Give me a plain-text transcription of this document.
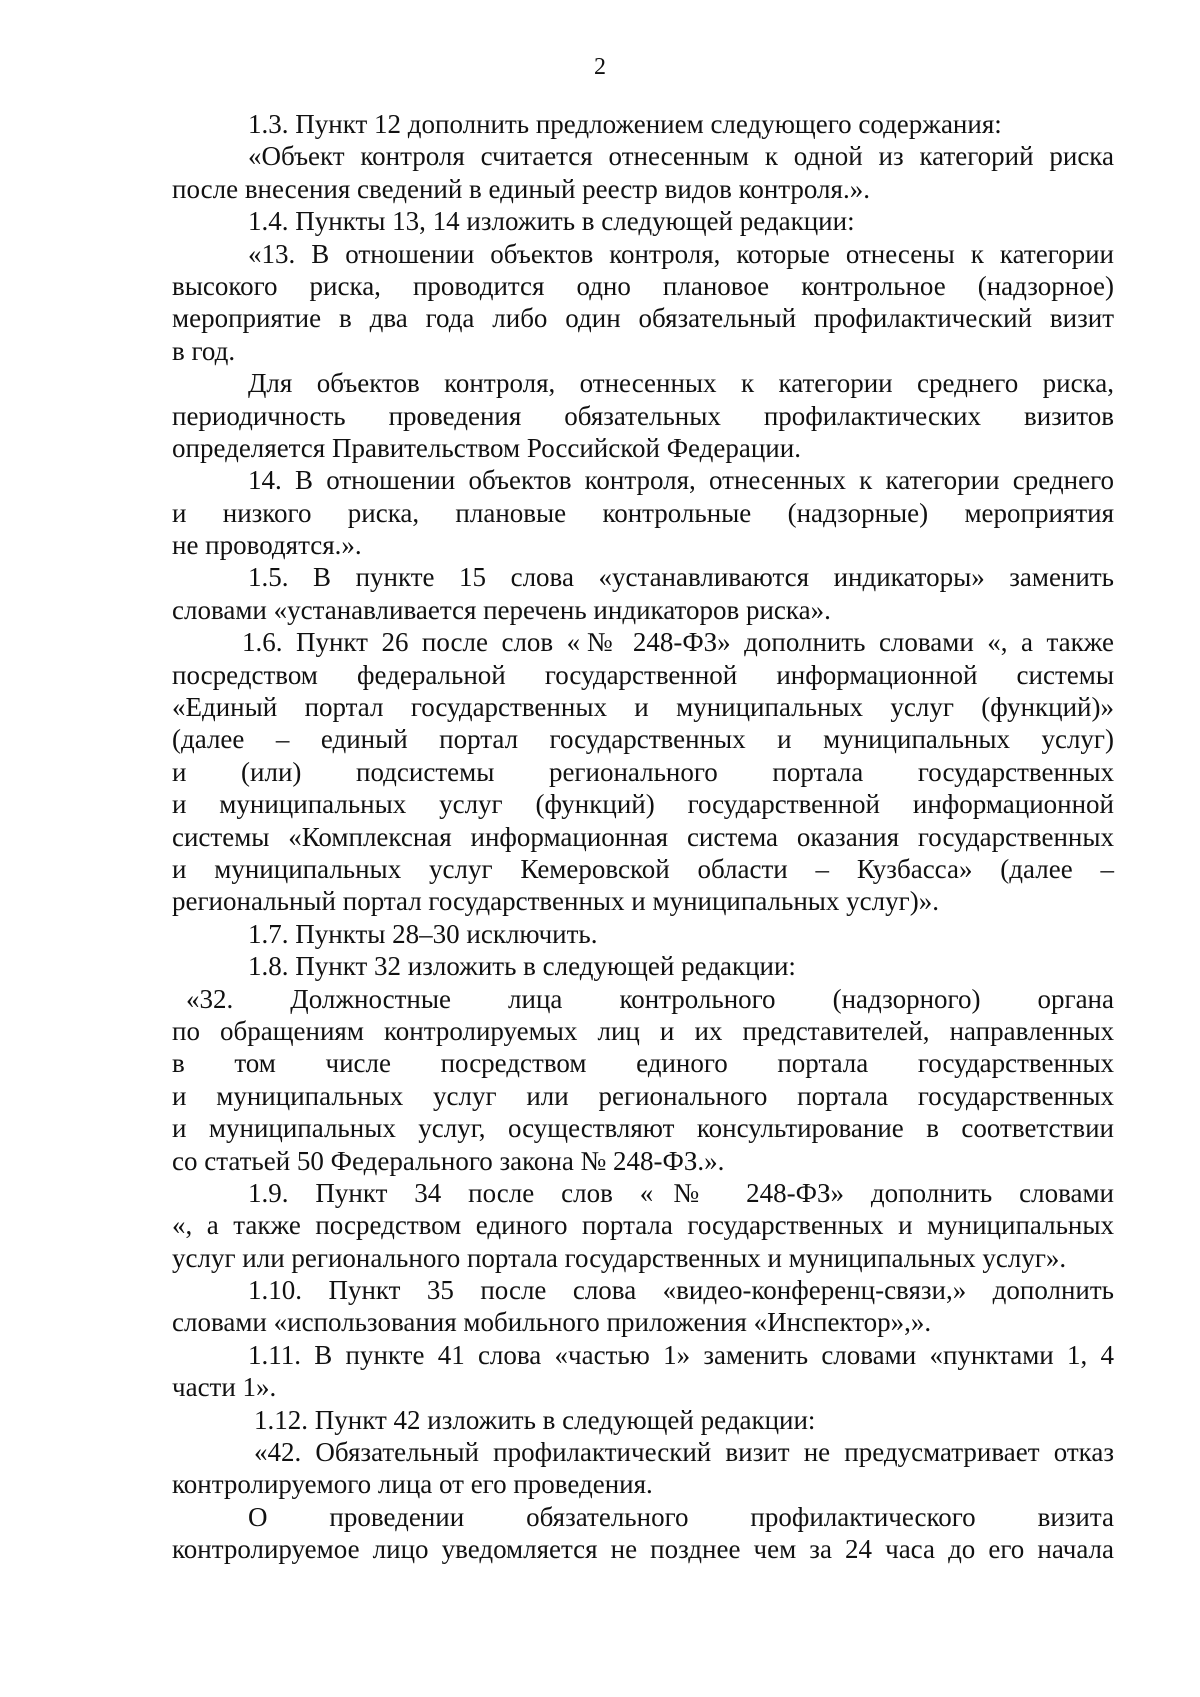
2
1.3. Пункт 12 дополнить предложением следующего содержания:
«Объект контроля считается отнесенным к одной из категорий риска
после внесения сведений в единый реестр видов контроля.».
1.4. Пункты 13, 14 изложить в следующей редакции:
«13. В отношении объектов контроля, которые отнесены к категории
высокого риска, проводится одно плановое контрольное (надзорное)
мероприятие в два года либо один обязательный профилактический визит
в год.
Для объектов контроля, отнесенных к категории среднего риска,
периодичность проведения обязательных профилактических визитов
определяется Правительством Российской Федерации.
14. В отношении объектов контроля, отнесенных к категории среднего
и низкого риска, плановые контрольные (надзорные) мероприятия
не проводятся.».
1.5. В пункте 15 слова «устанавливаются индикаторы» заменить
словами «устанавливается перечень индикаторов риска».
1.6. Пункт 26 после слов «№ 248-ФЗ» дополнить словами «, а также
посредством федеральной государственной информационной системы
«Единый портал государственных и муниципальных услуг (функций)»
(далее – единый портал государственных и муниципальных услуг)
и (или) подсистемы регионального портала государственных
и муниципальных услуг (функций) государственной информационной
системы «Комплексная информационная система оказания государственных
и муниципальных услуг Кемеровской области – Кузбасса» (далее –
региональный портал государственных и муниципальных услуг)».
1.7. Пункты 28–30 исключить.
1.8. Пункт 32 изложить в следующей редакции:
«32. Должностные лица контрольного (надзорного) органа
по обращениям контролируемых лиц и их представителей, направленных
в том числе посредством единого портала государственных
и муниципальных услуг или регионального портала государственных
и муниципальных услуг, осуществляют консультирование в соответствии
со статьей 50 Федерального закона № 248-ФЗ.».
1.9. Пункт 34 после слов «№ 248-ФЗ» дополнить словами
«, а также посредством единого портала государственных и муниципальных
услуг или регионального портала государственных и муниципальных услуг».
1.10. Пункт 35 после слова «видео-конференц-связи,» дополнить
словами «использования мобильного приложения «Инспектор»,».
1.11. В пункте 41 слова «частью 1» заменить словами «пунктами 1, 4
части 1».
1.12. Пункт 42 изложить в следующей редакции:
«42. Обязательный профилактический визит не предусматривает отказ
контролируемого лица от его проведения.
О проведении обязательного профилактического визита
контролируемое лицо уведомляется не позднее чем за 24 часа до его начала
